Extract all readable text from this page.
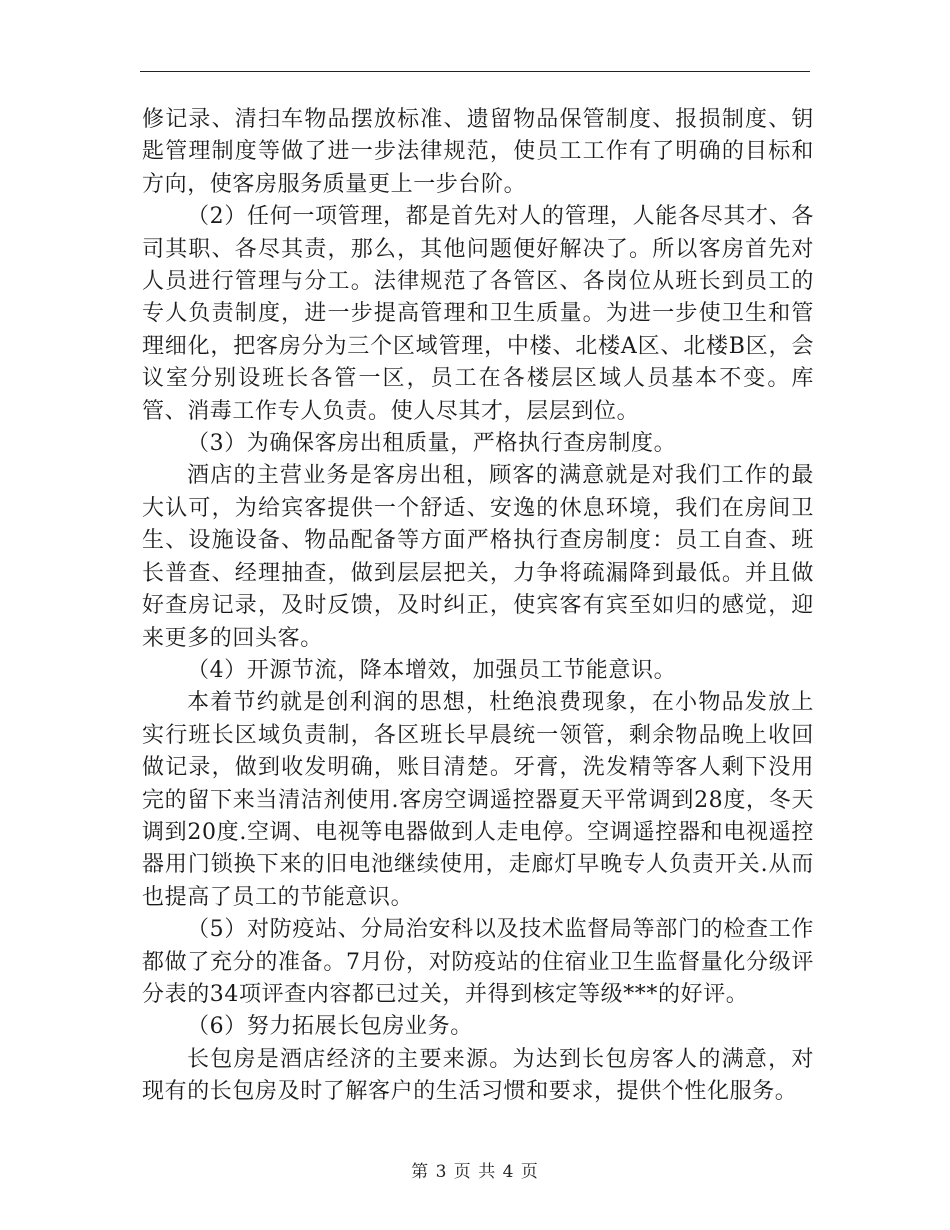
修记录、清扫车物品摆放标准、遗留物品保管制度、报损制度、钥匙管理制度等做了进一步法律规范，使员工工作有了明确的目标和方向，使客房服务质量更上一步台阶。

（2）任何一项管理，都是首先对人的管理，人能各尽其才、各司其职、各尽其责，那么，其他问题便好解决了。所以客房首先对人员进行管理与分工。法律规范了各管区、各岗位从班长到员工的专人负责制度，进一步提高管理和卫生质量。为进一步使卫生和管理细化，把客房分为三个区域管理，中楼、北楼A区、北楼B区，会议室分别设班长各管一区，员工在各楼层区域人员基本不变。库管、消毒工作专人负责。使人尽其才，层层到位。

（3）为确保客房出租质量，严格执行查房制度。

酒店的主营业务是客房出租，顾客的满意就是对我们工作的最大认可，为给宾客提供一个舒适、安逸的休息环境，我们在房间卫生、设施设备、物品配备等方面严格执行查房制度：员工自查、班长普查、经理抽查，做到层层把关，力争将疏漏降到最低。并且做好查房记录，及时反馈，及时纠正，使宾客有宾至如归的感觉，迎来更多的回头客。

（4）开源节流，降本增效，加强员工节能意识。

本着节约就是创利润的思想，杜绝浪费现象，在小物品发放上实行班长区域负责制，各区班长早晨统一领管，剩余物品晚上收回做记录，做到收发明确，账目清楚。牙膏，洗发精等客人剩下没用完的留下来当清洁剂使用.客房空调遥控器夏天平常调到28度，冬天调到20度.空调、电视等电器做到人走电停。空调遥控器和电视遥控器用门锁换下来的旧电池继续使用，走廊灯早晚专人负责开关.从而也提高了员工的节能意识。

（5）对防疫站、分局治安科以及技术监督局等部门的检查工作都做了充分的准备。7月份，对防疫站的住宿业卫生监督量化分级评分表的34项评查内容都已过关，并得到核定等级***的好评。

（6）努力拓展长包房业务。

长包房是酒店经济的主要来源。为达到长包房客人的满意，对现有的长包房及时了解客户的生活习惯和要求，提供个性化服务。

第 3 页 共 4 页
